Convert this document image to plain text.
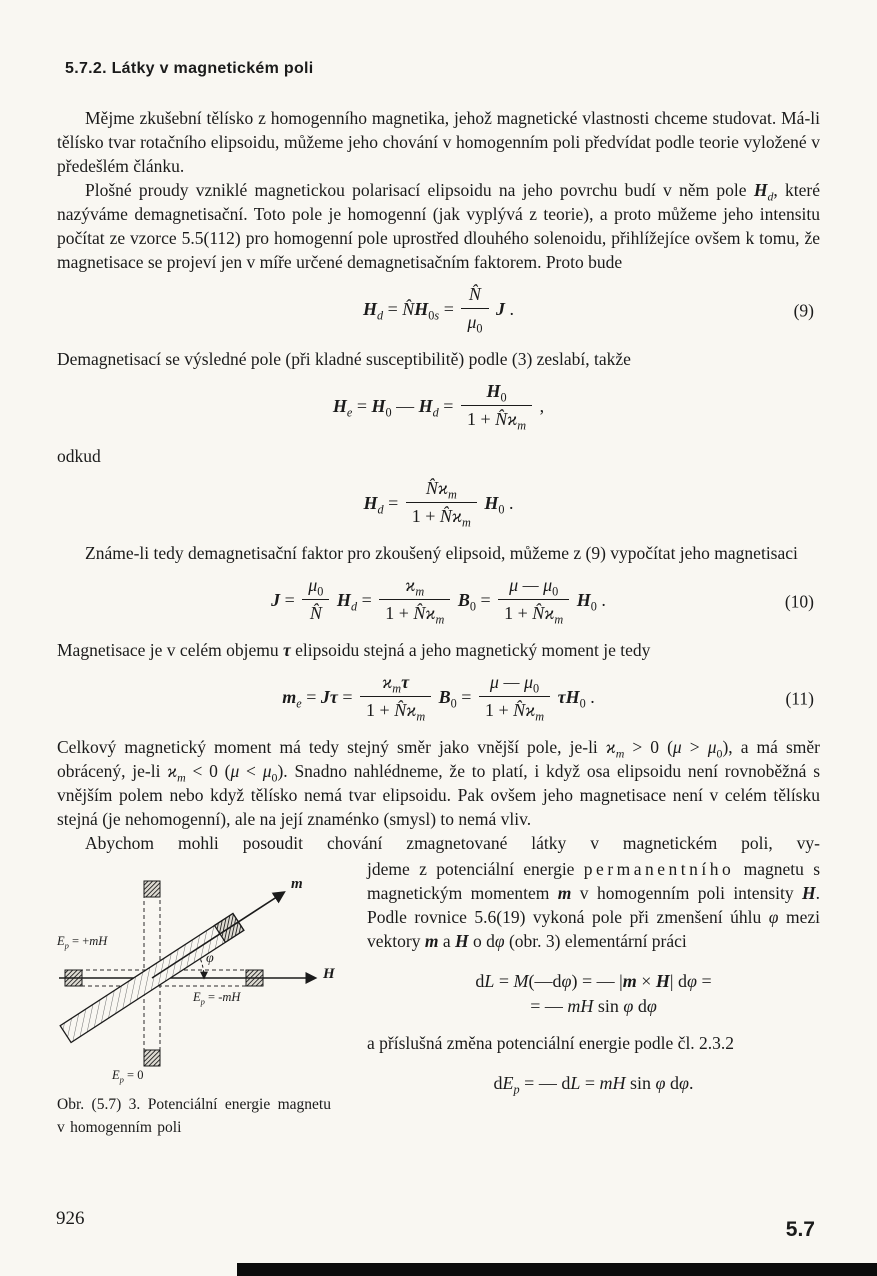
5.7.2. Látky v magnetickém poli

Mějme zkušební tělísko z homogenního magnetika, jehož magnetické vlastnosti chceme studovat. Má-li tělísko tvar rotačního elipsoidu, můžeme jeho chování v homogenním poli předvídat podle teorie vyložené v předešlém článku.

Plošné proudy vzniklé magnetickou polarisací elipsoidu na jeho povrchu budí v něm pole $H_d$, které nazýváme demagnetisační. Toto pole je homogenní (jak vyplývá z teorie), a proto můžeme jeho intensitu počítat ze vzorce 5.5(112) pro homogenní pole uprostřed dlouhého solenoidu, přihlížejíce ovšem k tomu, že magnetisace se projeví jen v míře určené demagnetisačním faktorem. Proto bude

$H_d$ = $N̂H_{0s} = \frac{N̂}{\mu_0}$ J .	(9)

Demagnetisací se výsledné pole (při kladné susceptibilitě) podle (3) zeslabí, takže

$H_e = H_0$ — $H_d = \frac{H_0}{1 + N̂ϰ_m}$ ,

odkud

$H_d = \frac{N̂ϰ_m}{1 + N̂ϰ_m} H_0$ .

Známe-li tedy demagnetisační faktor pro zkoušený elipsoid, můžeme z (9) vypočítat jeho magnetisaci

$J = \frac{\mu_0}{N̂} H_d = \frac{ϰ_m}{1 + N̂ϰ_m} B_0 = \frac{\mu — \mu_0}{1 + N̂ϰ_m} H_0$ .	(10)

Magnetisace je v celém objemu τ elipsoidu stejná a jeho magnetický moment je tedy

$m_e = J\tau = \frac{ϰ_m\tau}{1 + N̂ϰ_m} B_0 = \frac{\mu — \mu_0}{1 + N̂ϰ_m} \tau H_0$ .	(11)

Celkový magnetický moment má tedy stejný směr jako vnější pole, je-li $ϰ_m > 0$ $(\mu > \mu_0)$, a má směr obrácený, je-li $ϰ_m < 0$ $(\mu < \mu_0)$. Snadno nahlédneme, že to platí, i když osa elipsoidu není rovnoběžná s vnějším polem nebo když tělísko nemá tvar elipsoidu. Pak ovšem jeho magnetisace není v celém tělísku stejná (je nehomogenní), ale na její znaménko (smysl) to nemá vliv.

Abychom mohli posoudit chování zmagnetované látky v magnetickém poli, vy-

$E_p = +mH$
$E_p = -mH$
$E_p = 0$
m
H
φ
Obr. (5.7) 3. Potenciální energie magnetu v homogenním poli

jdeme z potenciální energie permanentního magnetu s magnetickým momentem m v homogenním poli intensity H. Podle rovnice 5.6(19) vykoná pole při zmenšení úhlu φ mezi vektory m a H o dφ (obr. 3) elementární práci

dL = M(—dφ) = — |m × H| dφ =
= — mH sin φ dφ

a příslušná změna potenciální energie podle čl. 2.3.2

$dE_p$ = — dL = mH sin φ dφ.
926	5.7
